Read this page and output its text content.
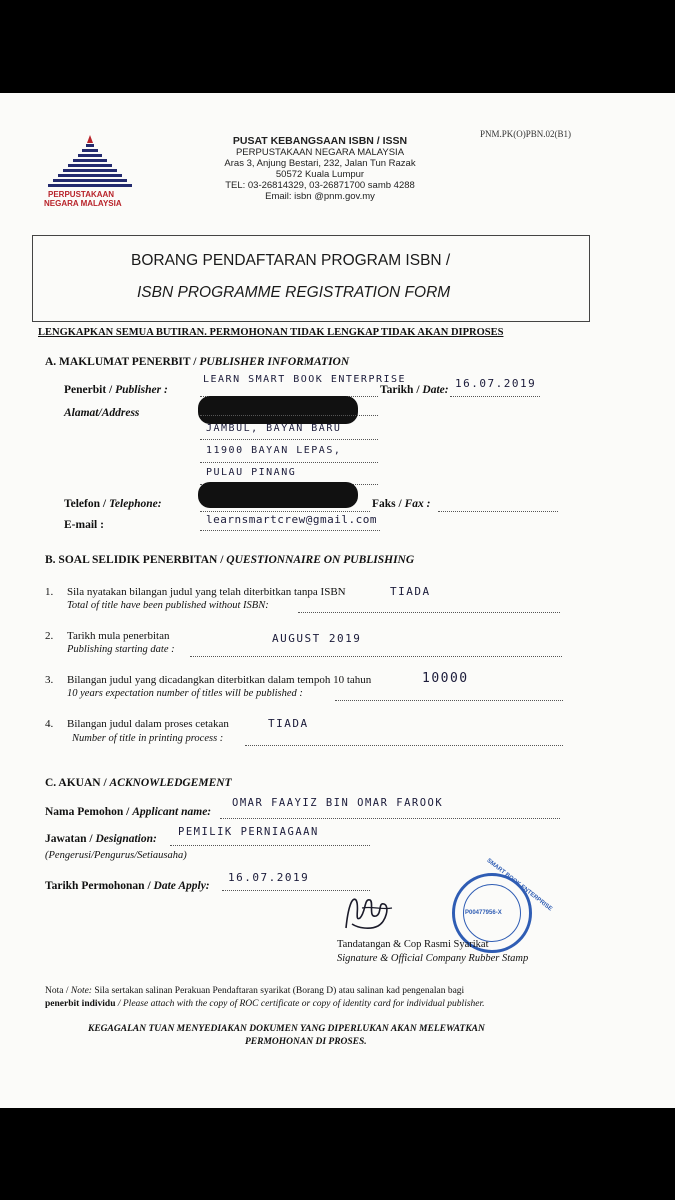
PERPUSTAKAAN
NEGARA MALAYSIA
PNM.PK(O)PBN.02(B1)
PUSAT KEBANGSAAN ISBN / ISSN
PERPUSTAKAAN NEGARA MALAYSIA
Aras 3, Anjung Bestari, 232, Jalan Tun Razak
50572 Kuala Lumpur
TEL: 03-26814329, 03-26871700 samb 4288
Email: isbn @pnm.gov.my
BORANG PENDAFTARAN PROGRAM ISBN /
ISBN PROGRAMME REGISTRATION FORM
LENGKAPKAN SEMUA BUTIRAN. PERMOHONAN TIDAK LENGKAP TIDAK AKAN DIPROSES
A. MAKLUMAT PENERBIT / PUBLISHER INFORMATION
Penerbit / Publisher :
LEARN SMART BOOK ENTERPRISE
Tarikh / Date: 16.07.2019
Alamat/Address
JAMBUL, BAYAN BARU
11900 BAYAN LEPAS,
PULAU PINANG
Telefon / Telephone:	Faks / Fax :
E-mail :	learnsmartcrew@gmail.com
B. SOAL SELIDIK PENERBITAN / QUESTIONNAIRE ON PUBLISHING
1. Sila nyatakan bilangan judul yang telah diterbitkan tanpa ISBN	TIADA
Total of title have been published without ISBN:
2. Tarikh mula penerbitan	AUGUST 2019
Publishing starting date :
3. Bilangan judul yang dicadangkan diterbitkan dalam tempoh 10 tahun	10000
10 years expectation number of titles will be published :
4. Bilangan judul dalam proses cetakan	TIADA
Number of title in printing process :
C. AKUAN / ACKNOWLEDGEMENT
Nama Pemohon / Applicant name:
OMAR FAAYIZ BIN OMAR FAROOK
Jawatan / Designation:
PEMILIK PERNIAGAAN
(Pengerusi/Pengurus/Setiausaha)
Tarikh Permohonan / Date Apply:
16.07.2019	SMART BOOK ENTERPRISE
P00477956-X
Tandatangan & Cop Rasmi Syarikat
Signature & Official Company Rubber Stamp
Nota / Note: Sila sertakan salinan Perakuan Pendaftaran syarikat (Borang D) atau salinan kad pengenalan bagi
penerbit individu / Please attach with the copy of ROC certificate or copy of identity card for individual publisher.
KEGAGALAN TUAN MENYEDIAKAN DOKUMEN YANG DIPERLUKAN AKAN MELEWATKAN
PERMOHONAN DI PROSES.
